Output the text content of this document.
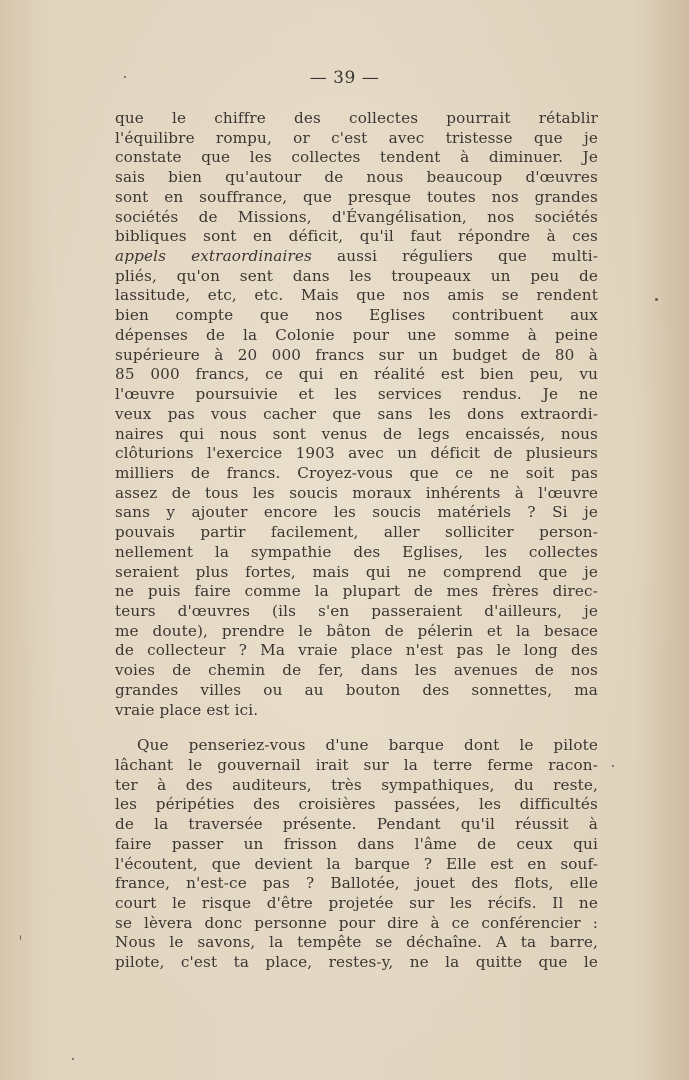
— 39 —
que le chiffre des collectes pourrait rétablir
l'équilibre rompu, or c'est avec tristesse que je
constate que les collectes tendent à diminuer. Je
sais bien qu'autour de nous beaucoup d'œuvres
sont en souffrance, que presque toutes nos grandes
sociétés de Missions, d'Évangélisation, nos sociétés
bibliques sont en déficit, qu'il faut répondre à ces
appels extraordinaires aussi réguliers que multi-
pliés, qu'on sent dans les troupeaux un peu de
lassitude, etc, etc. Mais que nos amis se rendent
bien compte que nos Eglises contribuent aux
dépenses de la Colonie pour une somme à peine
supérieure à 20 000 francs sur un budget de 80 à
85 000 francs, ce qui en réalité est bien peu, vu
l'œuvre poursuivie et les services rendus. Je ne
veux pas vous cacher que sans les dons extraordi-
naires qui nous sont venus de legs encaissés, nous
clôturions l'exercice 1903 avec un déficit de plusieurs
milliers de francs. Croyez-vous que ce ne soit pas
assez de tous les soucis moraux inhérents à l'œuvre
sans y ajouter encore les soucis matériels ? Si je
pouvais partir facilement, aller solliciter person-
nellement la sympathie des Eglises, les collectes
seraient plus fortes, mais qui ne comprend que je
ne puis faire comme la plupart de mes frères direc-
teurs d'œuvres (ils s'en passeraient d'ailleurs, je
me doute), prendre le bâton de pélerin et la besace
de collecteur ? Ma vraie place n'est pas le long des
voies de chemin de fer, dans les avenues de nos
grandes villes ou au bouton des sonnettes, ma
vraie place est ici.
Que penseriez-vous d'une barque dont le pilote
lâchant le gouvernail irait sur la terre ferme racon-
ter à des auditeurs, très sympathiques, du reste,
les péripéties des croisières passées, les difficultés
de la traversée présente. Pendant qu'il réussit à
faire passer un frisson dans l'âme de ceux qui
l'écoutent, que devient la barque ? Elle est en souf-
france, n'est-ce pas ? Ballotée, jouet des flots, elle
court le risque d'être projetée sur les récifs. Il ne
se lèvera donc personne pour dire à ce conférencier :
Nous le savons, la tempête se déchaîne. A ta barre,
pilote, c'est ta place, restes-y, ne la quitte que le
